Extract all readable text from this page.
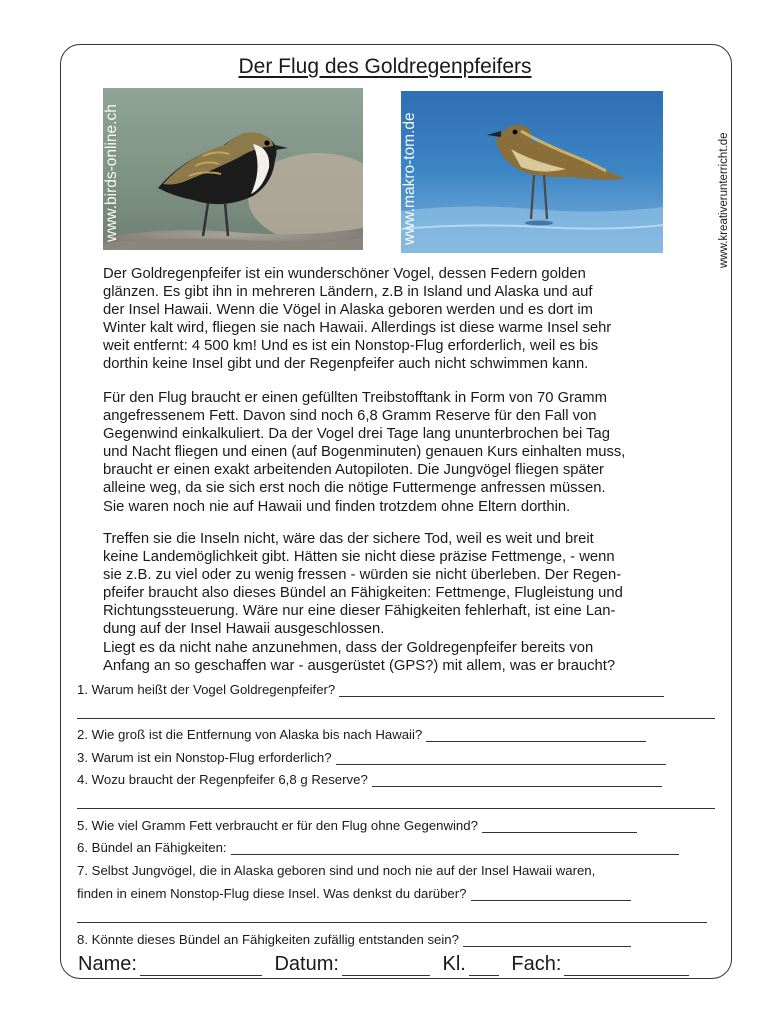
Der Flug des Goldregenpfeifers
www.kreativerunterricht.de
www.birds-online.ch	www.makro-tom.de

Der Goldregenpfeifer ist ein wunderschöner Vogel, dessen Federn golden
glänzen. Es gibt ihn in mehreren Ländern, z.B in Island und Alaska und auf
der Insel Hawaii. Wenn die Vögel in Alaska geboren werden und es dort im
Winter kalt wird, fliegen sie nach Hawaii. Allerdings ist diese warme Insel sehr
weit entfernt: 4 500 km! Und es ist ein Nonstop-Flug erforderlich, weil es bis
dorthin keine Insel gibt und der Regenpfeifer auch nicht schwimmen kann.

Für den Flug braucht er einen gefüllten Treibstofftank in Form von 70 Gramm
angefressenem Fett. Davon sind noch 6,8 Gramm Reserve für den Fall von
Gegenwind einkalkuliert. Da der Vogel drei Tage lang ununterbrochen bei Tag
und Nacht fliegen und einen (auf Bogenminuten) genauen Kurs einhalten muss,
braucht er einen exakt arbeitenden Autopiloten. Die Jungvögel fliegen später
alleine weg, da sie sich erst noch die nötige Futtermenge anfressen müssen.
Sie waren noch nie auf Hawaii und finden trotzdem ohne Eltern dorthin.

Treffen sie die Inseln nicht, wäre das der sichere Tod, weil es weit und breit
keine Landemöglichkeit gibt. Hätten sie nicht diese präzise Fettmenge, - wenn
sie z.B. zu viel oder zu wenig fressen - würden sie nicht überleben. Der Regen-
pfeifer braucht also dieses Bündel an Fähigkeiten: Fettmenge, Flugleistung und
Richtungssteuerung. Wäre nur eine dieser Fähigkeiten fehlerhaft, ist eine Lan-
dung auf der Insel Hawaii ausgeschlossen.
Liegt es da nicht nahe anzunehmen, dass der Goldregenpfeifer bereits von
Anfang an so geschaffen war - ausgerüstet (GPS?) mit allem, was er braucht?

1. Warum heißt der Vogel Goldregenpfeifer?
2. Wie groß ist die Entfernung von Alaska bis nach Hawaii?
3. Warum ist ein Nonstop-Flug erforderlich?
4. Wozu braucht der Regenpfeifer 6,8 g Reserve?
5. Wie viel Gramm Fett verbraucht er für den Flug ohne Gegenwind?
6. Bündel an Fähigkeiten:
7. Selbst Jungvögel, die in Alaska geboren sind und noch nie auf der Insel Hawaii waren,
finden in einem Nonstop-Flug diese Insel. Was denkst du darüber?
8. Könnte dieses Bündel an Fähigkeiten zufällig entstanden sein?
Name:	Datum:	Kl. Fach:
